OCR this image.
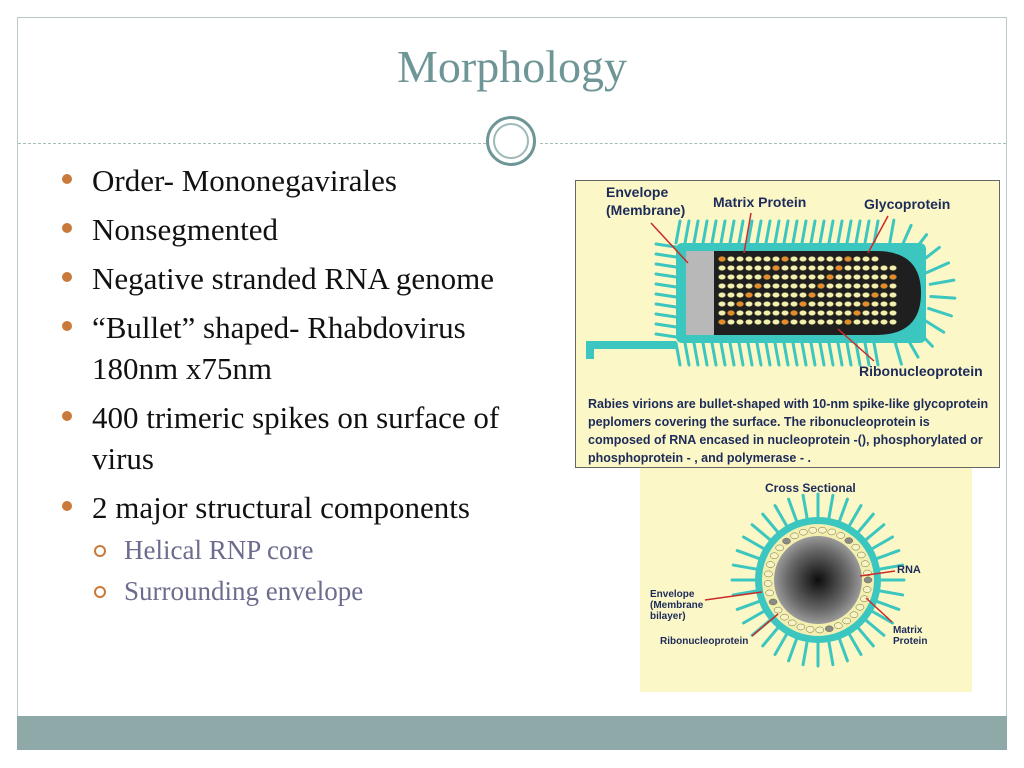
Morphology
Order- Mononegavirales
Nonsegmented
Negative stranded RNA genome
“Bullet” shaped- Rhabdovirus 180nm x75nm
400 trimeric spikes on surface of virus
2 major structural components
Helical RNP core
Surrounding envelope
Envelope
(Membrane) Matrix Protein	Glycoprotein
Ribonucleoprotein
Rabies virions are bullet-shaped with 10-nm spike-like glycoprotein peplomers covering the surface. The ribonucleoprotein is composed of RNA encased in nucleoprotein -(), phosphorylated or phosphoprotein - , and polymerase - .
Cross Sectional
RNA
Envelope
(Membrane
bilayer)
Matrix
Protein
Ribonucleoprotein
